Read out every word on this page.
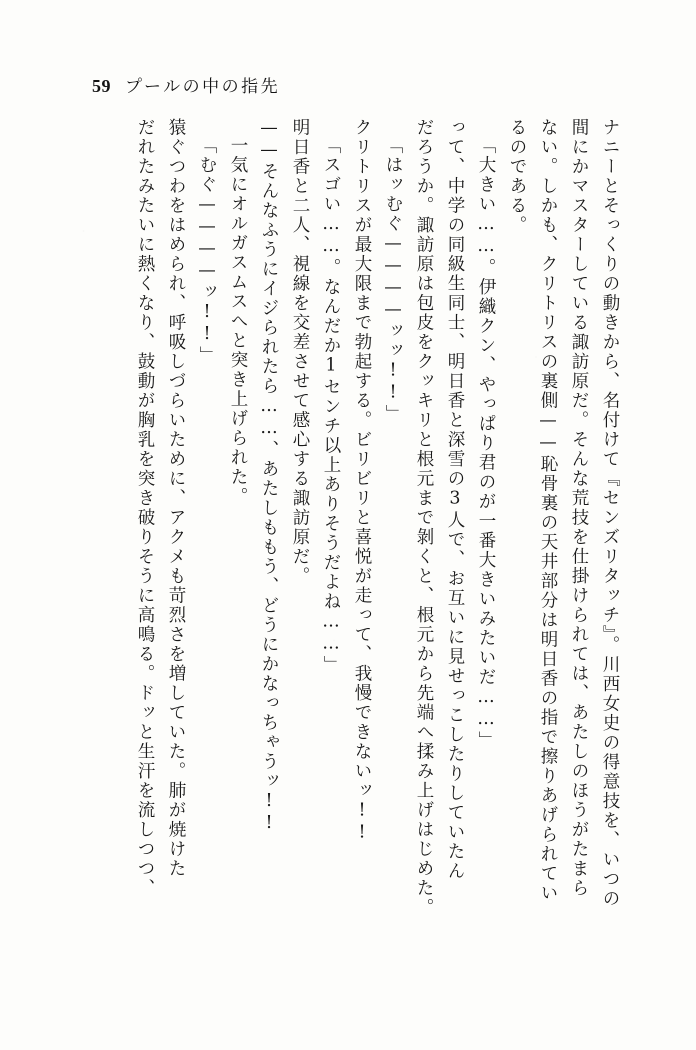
59 プールの中の指先
ナニーとそっくりの動きから、名付けて『センズリタッチ』。川西女史の得意技を、いつの
間にかマスターしている諏訪原だ。そんな荒技を仕掛けられては、あたしのほうがたまら
ない。しかも、クリトリスの裏側——恥骨裏の天井部分は明日香の指で擦りあげられてい
るのである。
「大きい……。伊織クン、やっぱり君のが一番大きいみたいだ……」
って、中学の同級生同士、明日香と深雪の3人で、お互いに見せっこしたりしていたん
だろうか。諏訪原は包皮をクッキリと根元まで剝くと、根元から先端へ揉み上げはじめた。
「はッむぐ————ッッ!!」
クリトリスが最大限まで勃起する。ビリビリと喜悦が走って、我慢できないッ!!
「スゴい……。なんだか1センチ以上ありそうだよね……」
明日香と二人、視線を交差させて感心する諏訪原だ。
——そんなふうにイジられたら……、あたしももう、どうにかなっちゃうッ!!
一気にオルガスムスへと突き上げられた。
「むぐ————ッ!!」
猿ぐつわをはめられ、呼吸しづらいために、アクメも苛烈さを増していた。肺が焼けた
だれたみたいに熱くなり、鼓動が胸乳を突き破りそうに高鳴る。ドッと生汗を流しつつ、
